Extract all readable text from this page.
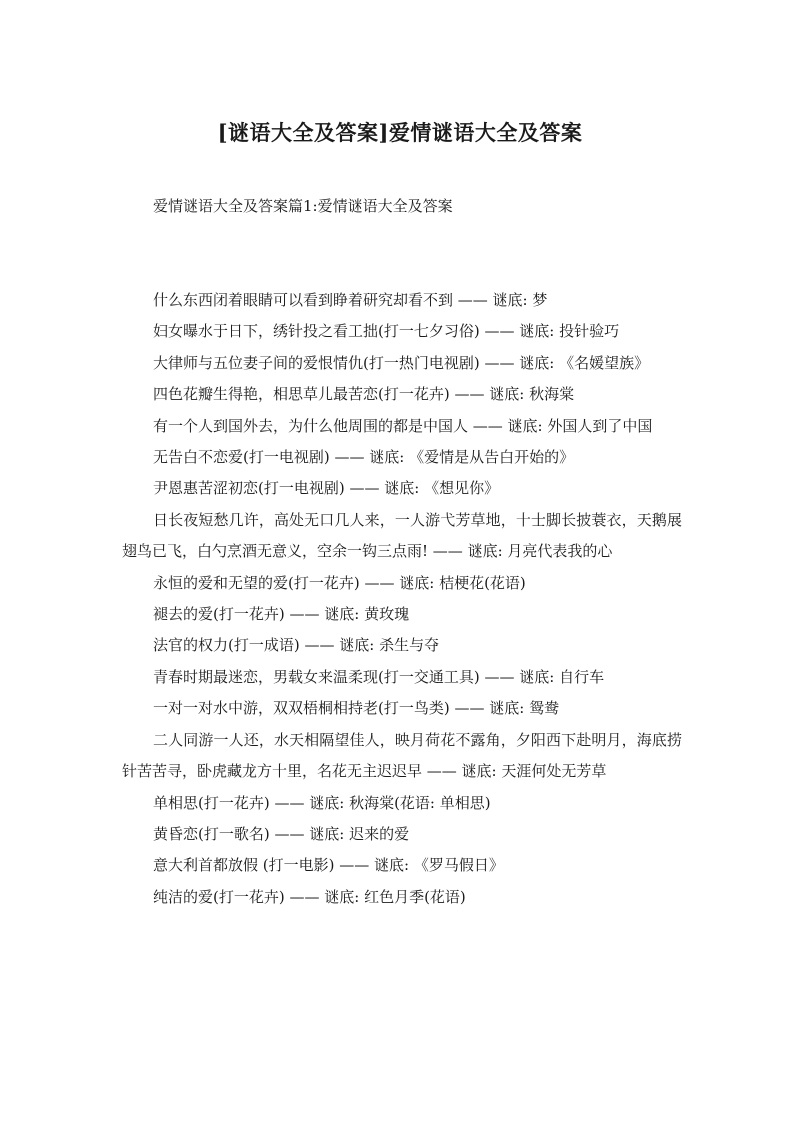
[谜语大全及答案]爱情谜语大全及答案
爱情谜语大全及答案篇1:爱情谜语大全及答案

什么东西闭着眼睛可以看到睁着研究却看不到 —— 谜底: 梦

妇女曝水于日下，绣针投之看工拙(打一七夕习俗) —— 谜底: 投针验巧

大律师与五位妻子间的爱恨情仇(打一热门电视剧) —— 谜底: 《名媛望族》

四色花瓣生得艳，相思草儿最苦恋(打一花卉) —— 谜底: 秋海棠

有一个人到国外去，为什么他周围的都是中国人 —— 谜底: 外国人到了中国

无告白不恋爱(打一电视剧) —— 谜底: 《爱情是从告白开始的》

尹恩惠苦涩初恋(打一电视剧) —— 谜底: 《想见你》

日长夜短愁几许，高处无口几人来，一人游弋芳草地，十士脚长披蓑衣，天鹅展翅鸟已飞，白勺烹酒无意义，空余一钩三点雨! —— 谜底: 月亮代表我的心

永恒的爱和无望的爱(打一花卉) —— 谜底: 桔梗花(花语)

褪去的爱(打一花卉) —— 谜底: 黄玫瑰

法官的权力(打一成语) —— 谜底: 杀生与夺

青春时期最迷恋，男载女来温柔现(打一交通工具) —— 谜底: 自行车

一对一对水中游，双双梧桐相持老(打一鸟类) —— 谜底: 鸳鸯

二人同游一人还，水天相隔望佳人，映月荷花不露角，夕阳西下赴明月，海底捞针苦苦寻，卧虎藏龙方十里，名花无主迟迟早 —— 谜底: 天涯何处无芳草

单相思(打一花卉) —— 谜底: 秋海棠(花语: 单相思)

黄昏恋(打一歌名) —— 谜底: 迟来的爱

意大利首都放假 (打一电影) —— 谜底: 《罗马假日》

纯洁的爱(打一花卉) —— 谜底: 红色月季(花语)
